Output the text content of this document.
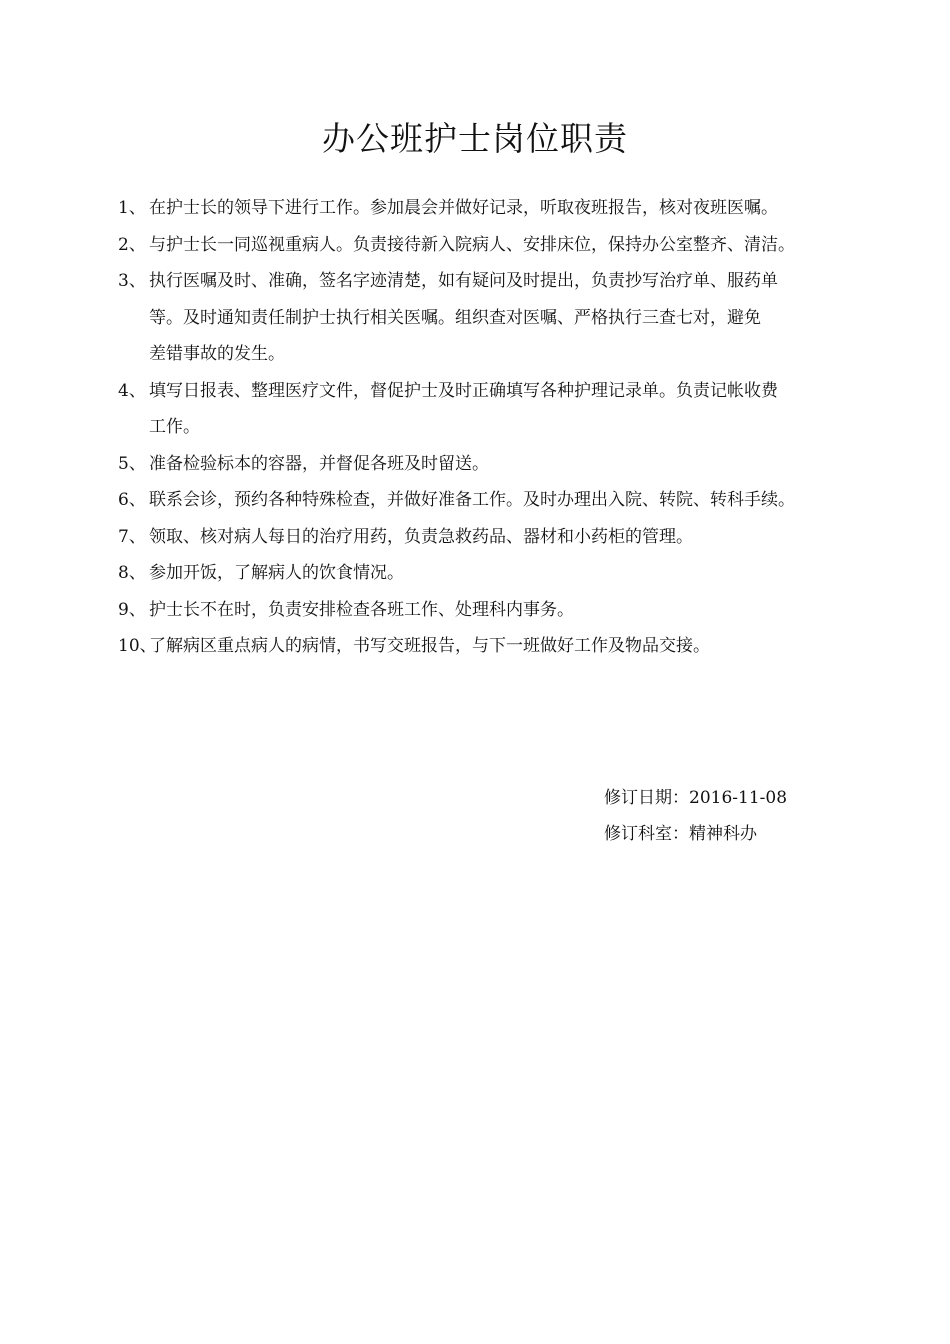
办公班护士岗位职责
1、 在护士长的领导下进行工作。参加晨会并做好记录，听取夜班报告，核对夜班医嘱。
2、 与护士长一同巡视重病人。负责接待新入院病人、安排床位，保持办公室整齐、清洁。
3、 执行医嘱及时、准确，签名字迹清楚，如有疑问及时提出，负责抄写治疗单、服药单
等。及时通知责任制护士执行相关医嘱。组织查对医嘱、严格执行三查七对，避免
差错事故的发生。
4、 填写日报表、整理医疗文件，督促护士及时正确填写各种护理记录单。负责记帐收费
工作。
5、 准备检验标本的容器，并督促各班及时留送。
6、 联系会诊，预约各种特殊检查，并做好准备工作。及时办理出入院、转院、转科手续。
7、 领取、核对病人每日的治疗用药，负责急救药品、器材和小药柜的管理。
8、 参加开饭，了解病人的饮食情况。
9、 护士长不在时，负责安排检查各班工作、处理科内事务。
10、了解病区重点病人的病情，书写交班报告，与下一班做好工作及物品交接。
修订日期：2016-11-08
修订科室：精神科办
